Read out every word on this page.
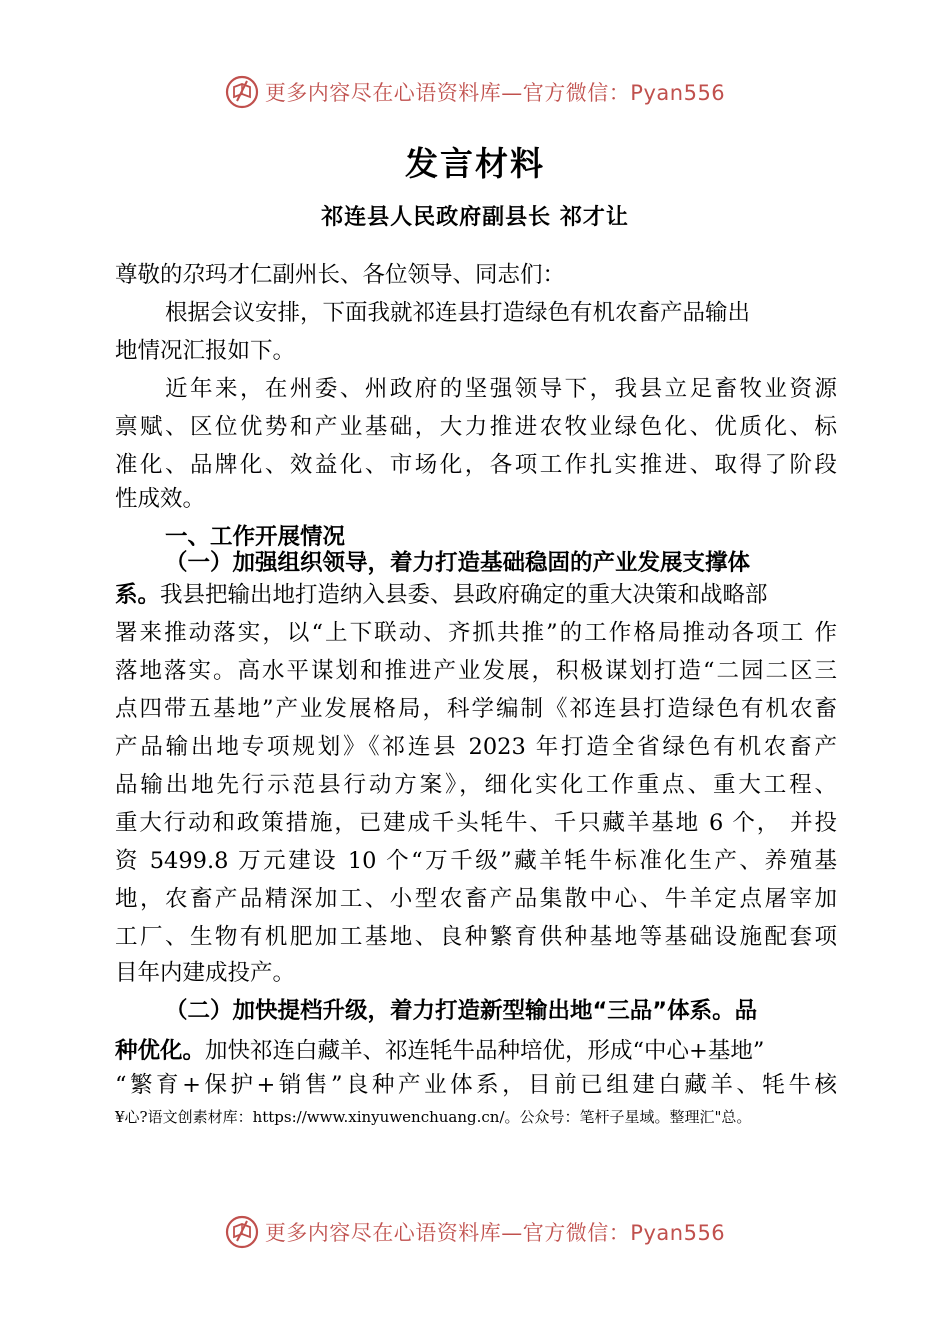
更多内容尽在心语资料库—官方微信：Pyan556
发言材料
祁连县人民政府副县长 祁才让
尊敬的尕玛才仁副州长、各位领导、同志们：
根据会议安排，下面我就祁连县打造绿色有机农畜产品输出
地情况汇报如下。
近年来，在州委、州政府的坚强领导下，我县立足畜牧业资源
禀赋、区位优势和产业基础，大力推进农牧业绿色化、优质化、标
准化、品牌化、效益化、市场化，各项工作扎实推进、取得了阶段
性成效。
一、工作开展情况
（一）加强组织领导，着力打造基础稳固的产业发展支撑体
系。我县把输出地打造纳入县委、县政府确定的重大决策和战略部
署来推动落实，以“上下联动、齐抓共推”的工作格局推动各项工 作
落地落实。高水平谋划和推进产业发展，积极谋划打造“二园二区三
点四带五基地”产业发展格局，科学编制《祁连县打造绿色有机农畜
产品输出地专项规划》《祁连县 2023 年打造全省绿色有机农畜产
品输出地先行示范县行动方案》，细化实化工作重点、重大工程、
重大行动和政策措施，已建成千头牦牛、千只藏羊基地 6 个， 并投
资 5499.8 万元建设 10 个“万千级”藏羊牦牛标准化生产、养殖基
地，农畜产品精深加工、小型农畜产品集散中心、牛羊定点屠宰加
工厂、生物有机肥加工基地、良种繁育供种基地等基础设施配套项
目年内建成投产。
（二）加快提档升级，着力打造新型输出地“三品”体系。品
种优化。加快祁连白藏羊、祁连牦牛品种培优，形成“中心+基地”
“繁育+保护+销售”良种产业体系，目前已组建白藏羊、牦牛核
¥心?语文创素材库：https://www.xinyuwenchuang.cn/。公众号：笔杆子星域。整理汇"总。
更多内容尽在心语资料库—官方微信：Pyan556
